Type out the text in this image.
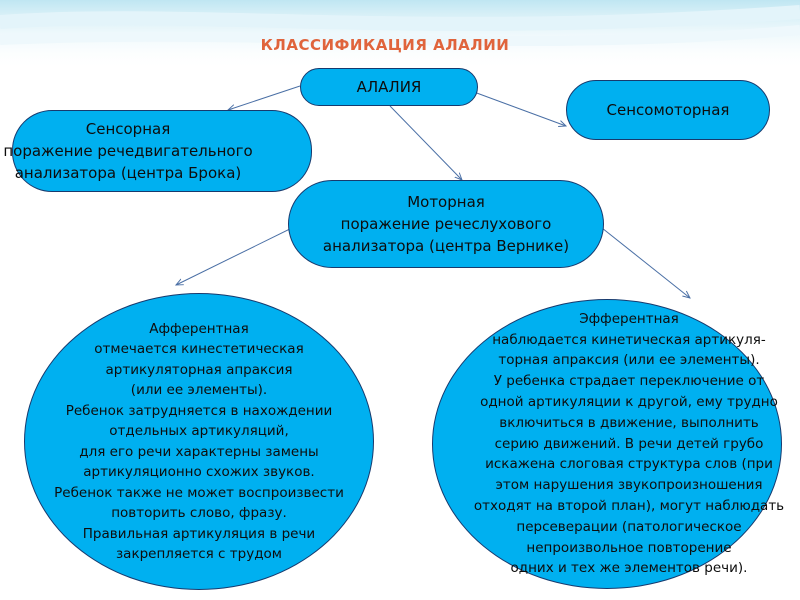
КЛАССИФИКАЦИЯ АЛАЛИИ
АЛАЛИЯ
Сенсорная
поражение речедвигательного
анализатора (центра Брока)
Сенсомоторная
Моторная
поражение речеслухового
анализатора (центра Вернике)
Афферентная
отмечается кинестетическая
артикуляторная апраксия
(или ее элементы).
Ребенок затрудняется в нахождении
отдельных артикуляций,
для его речи характерны замены
артикуляционно схожих звуков.
Ребенок также не может воспроизвести
повторить слово, фразу.
Правильная артикуляция в речи
закрепляется с трудом
Эфферентная
наблюдается кинетическая артикуля-
торная апраксия (или ее элементы).
У ребенка страдает переключение от
одной артикуляции к другой, ему трудно
включиться в движение, выполнить
серию движений. В речи детей грубо
искажена слоговая структура слов (при
этом нарушения звукопроизношения
отходят на второй план), могут наблюдать
персеверации (патологическое
непроизвольное повторение
одних и тех же элементов речи).
